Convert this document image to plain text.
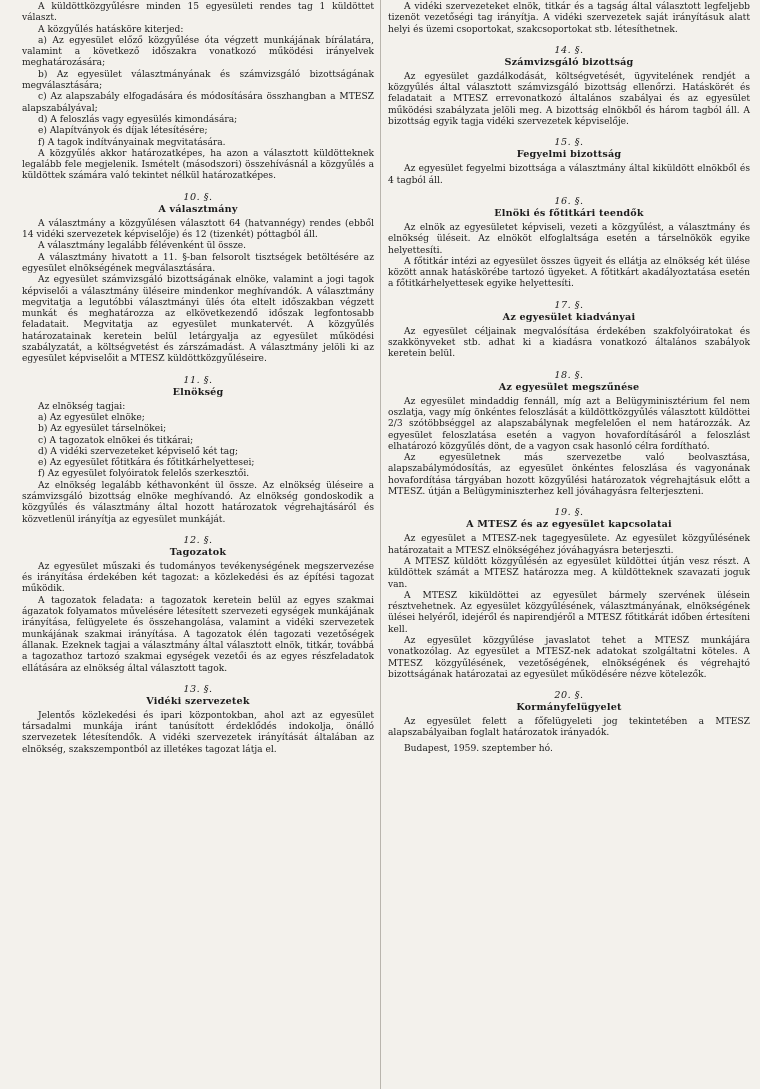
A küldöttközgyűlésre minden 15 egyesületi rendes tag 1 küldöttet választ.

A közgyűlés hatásköre kiterjed:

a) Az egyesület előző közgyűlése óta végzett munkájának bírálatára, valamint a következő időszakra vonatkozó működési irányelvek meghatározására;

b) Az egyesület választmányának és számvizsgáló bizottságának megválasztására;

c) Az alapszabály elfogadására és módosítására összhangban a MTESZ alapszabályával;

d) A feloszlás vagy egyesülés kimondására;

e) Alapítványok és díjak létesítésére;

f) A tagok indítványainak megvitatására.

A közgyűlés akkor határozatképes, ha azon a választott küldötteknek legalább fele megjelenik. Ismételt (másodszori) összehívásnál a közgyűlés a küldöttek számára való tekintet nélkül határozatképes.

10. §.
A választmány

A választmány a közgyűlésen választott 64 (hatvannégy) rendes (ebből 14 vidéki szervezetek képviselője) és 12 (tizenkét) póttagból áll.

A választmány legalább félévenként ül össze.

A választmány hivatott a 11. §-ban felsorolt tisztségek betöltésére az egyesület elnökségének megválasztására.

Az egyesület számvizsgáló bizottságának elnöke, valamint a jogi tagok képviselői a választmány üléseire mindenkor meghívandók. A választmány megvitatja a legutóbbi választmányi ülés óta eltelt időszakban végzett munkát és meghatározza az elkövetkezendő időszak legfontosabb feladatait. Megvitatja az egyesület munkatervét. A közgyűlés határozatainak keretein belül letárgyalja az egyesület működési szabályzatát, a költségvetést és zárszámadást. A választmány jelöli ki az egyesület képviselőit a MTESZ küldöttközgyűléseire.

11. §.
Elnökség

Az elnökség tagjai:

a) Az egyesület elnöke;

b) Az egyesület társelnökei;

c) A tagozatok elnökei és titkárai;

d) A vidéki szervezeteket képviselő két tag;

e) Az egyesület főtitkára és főtitkárhelyettesei;

f) Az egyesület folyóiratok felelős szerkesztői.

Az elnökség legalább kéthavonként ül össze. Az elnökség üléseire a számvizsgáló bizottság elnöke meghívandó. Az elnökség gondoskodik a közgyűlés és választmány által hozott határozatok végrehajtásáról és közvetlenül irányítja az egyesület munkáját.

12. §.
Tagozatok

Az egyesület műszaki és tudományos tevékenységének megszervezése és irányítása érdekében két tagozat: a közlekedési és az építési tagozat működik.

A tagozatok feladata: a tagozatok keretein belül az egyes szakmai ágazatok folyamatos művelésére létesített szervezeti egységek munkájának irányítása, felügyelete és összehangolása, valamint a vidéki szervezetek munkájának szakmai irányítása. A tagozatok élén tagozati vezetőségek állanak. Ezeknek tagjai a választmány által választott elnök, titkár, továbbá a tagozathoz tartozó szakmai egységek vezetői és az egyes részfeladatok ellátására az elnökség által választott tagok.

13. §.
Vidéki szervezetek

Jelentős közlekedési és ipari központokban, ahol azt az egyesület társadalmi munkája iránt tanúsított érdeklődés indokolja, önálló szervezetek létesítendők. A vidéki szervezetek irányítását általában az elnökség, szakszempontból az illetékes tagozat látja el.

A vidéki szervezeteket elnök, titkár és a tagság által választott legfeljebb tizenöt vezetőségi tag irányítja. A vidéki szervezetek saját irányításuk alatt helyi és üzemi csoportokat, szakcsoportokat stb. létesíthetnek.

14. §.
Számvizsgáló bizottság

Az egyesület gazdálkodását, költségvetését, ügyvitelének rendjét a közgyűlés által választott számvizsgáló bizottság ellenőrzi. Hatáskörét és feladatait a MTESZ errevonatkozó általános szabályai és az egyesület működési szabályzata jelöli meg. A bizottság elnökből és három tagból áll. A bizottság egyik tagja vidéki szervezetek képviselője.

15. §.
Fegyelmi bizottság

Az egyesület fegyelmi bizottsága a választmány által kiküldött elnökből és 4 tagból áll.

16. §.
Elnöki és főtitkári teendők

Az elnök az egyesületet képviseli, vezeti a közgyűlést, a választmány és elnökség üléseit. Az elnököt elfoglaltsága esetén a társelnökök egyike helyettesíti.

A főtitkár intézi az egyesület összes ügyeit és ellátja az elnökség két ülése között annak hatáskörébe tartozó ügyeket. A főtitkárt akadályoztatása esetén a főtitkárhelyettesek egyike helyettesíti.

17. §.
Az egyesület kiadványai

Az egyesület céljainak megvalósítása érdekében szakfolyóiratokat és szakkönyveket stb. adhat ki a kiadásra vonatkozó általános szabályok keretein belül.

18. §.
Az egyesület megszűnése

Az egyesület mindaddig fennáll, míg azt a Belügyminisztérium fel nem oszlatja, vagy míg önkéntes feloszlását a küldöttközgyűlés választott küldöttei 2/3 szótöbbséggel az alapszabálynak megfelelően el nem határozzák. Az egyesület feloszlatása esetén a vagyon hovafordításáról a feloszlást elhatározó közgyűlés dönt, de a vagyon csak hasonló célra fordítható.

Az egyesületnek más szervezetbe való beolvasztása, alapszabálymódosítás, az egyesület önkéntes feloszlása és vagyonának hovafordítása tárgyában hozott közgyűlési határozatok végrehajtásuk előtt a MTESZ. útján a Belügyminiszterhez kell jóváhagyásra felterjeszteni.

19. §.
A MTESZ és az egyesület kapcsolatai

Az egyesület a MTESZ-nek tagegyesülete. Az egyesület közgyűlésének határozatait a MTESZ elnökségéhez jóváhagyásra beterjeszti.

A MTESZ küldött közgyűlésén az egyesület küldöttei útján vesz részt. A küldöttek számát a MTESZ határozza meg. A küldötteknek szavazati joguk van.

A MTESZ kiküldöttei az egyesület bármely szervének ülésein résztvehetnek. Az egyesület közgyűlésének, választmányának, elnökségének ülései helyéről, idejéről és napirendjéről a MTESZ főtitkárát időben értesíteni kell.

Az egyesület közgyűlése javaslatot tehet a MTESZ munkájára vonatkozólag. Az egyesület a MTESZ-nek adatokat szolgáltatni köteles. A MTESZ közgyűlésének, vezetőségének, elnökségének és végrehajtó bizottságának határozatai az egyesület működésére nézve kötelezők.

20. §.
Kormányfelügyelet

Az egyesület felett a főfelügyeleti jog tekintetében a MTESZ alapszabályaiban foglalt határozatok irányadók.

Budapest, 1959. szeptember hó.
